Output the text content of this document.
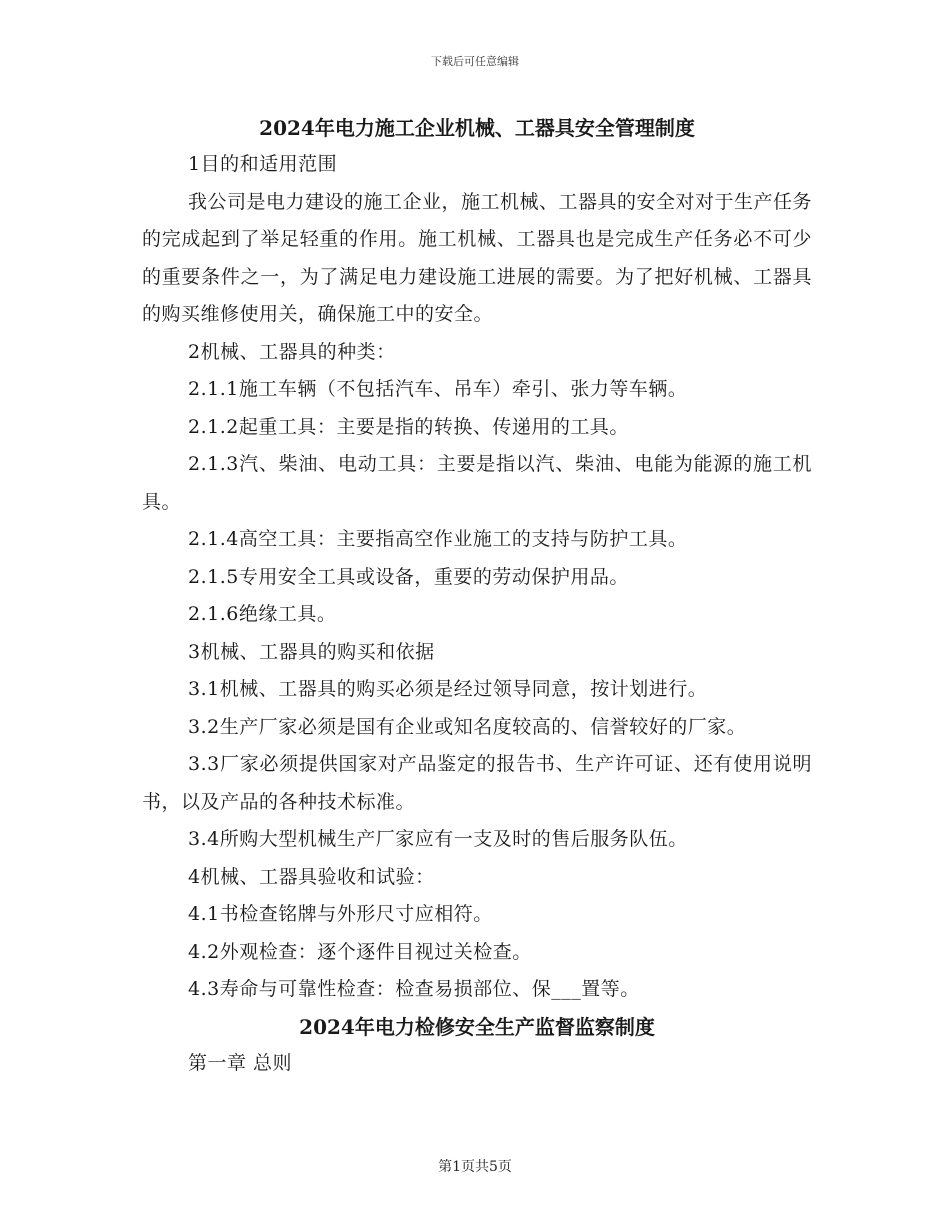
下载后可任意编辑
2024年电力施工企业机械、工器具安全管理制度

1目的和适用范围

我公司是电力建设的施工企业，施工机械、工器具的安全对对于生产任务的完成起到了举足轻重的作用。施工机械、工器具也是完成生产任务必不可少的重要条件之一，为了满足电力建设施工进展的需要。为了把好机械、工器具的购买维修使用关，确保施工中的安全。

2机械、工器具的种类：

2.1.1施工车辆（不包括汽车、吊车）牵引、张力等车辆。

2.1.2起重工具：主要是指的转换、传递用的工具。

2.1.3汽、柴油、电动工具：主要是指以汽、柴油、电能为能源的施工机具。

2.1.4高空工具：主要指高空作业施工的支持与防护工具。

2.1.5专用安全工具或设备，重要的劳动保护用品。

2.1.6绝缘工具。

3机械、工器具的购买和依据

3.1机械、工器具的购买必须是经过领导同意，按计划进行。

3.2生产厂家必须是国有企业或知名度较高的、信誉较好的厂家。

3.3厂家必须提供国家对产品鉴定的报告书、生产许可证、还有使用说明书，以及产品的各种技术标准。

3.4所购大型机械生产厂家应有一支及时的售后服务队伍。

4机械、工器具验收和试验：

4.1书检查铭牌与外形尺寸应相符。

4.2外观检查：逐个逐件目视过关检查。

4.3寿命与可靠性检查：检查易损部位、保___置等。

2024年电力检修安全生产监督监察制度

第一章 总则

第1页共5页
